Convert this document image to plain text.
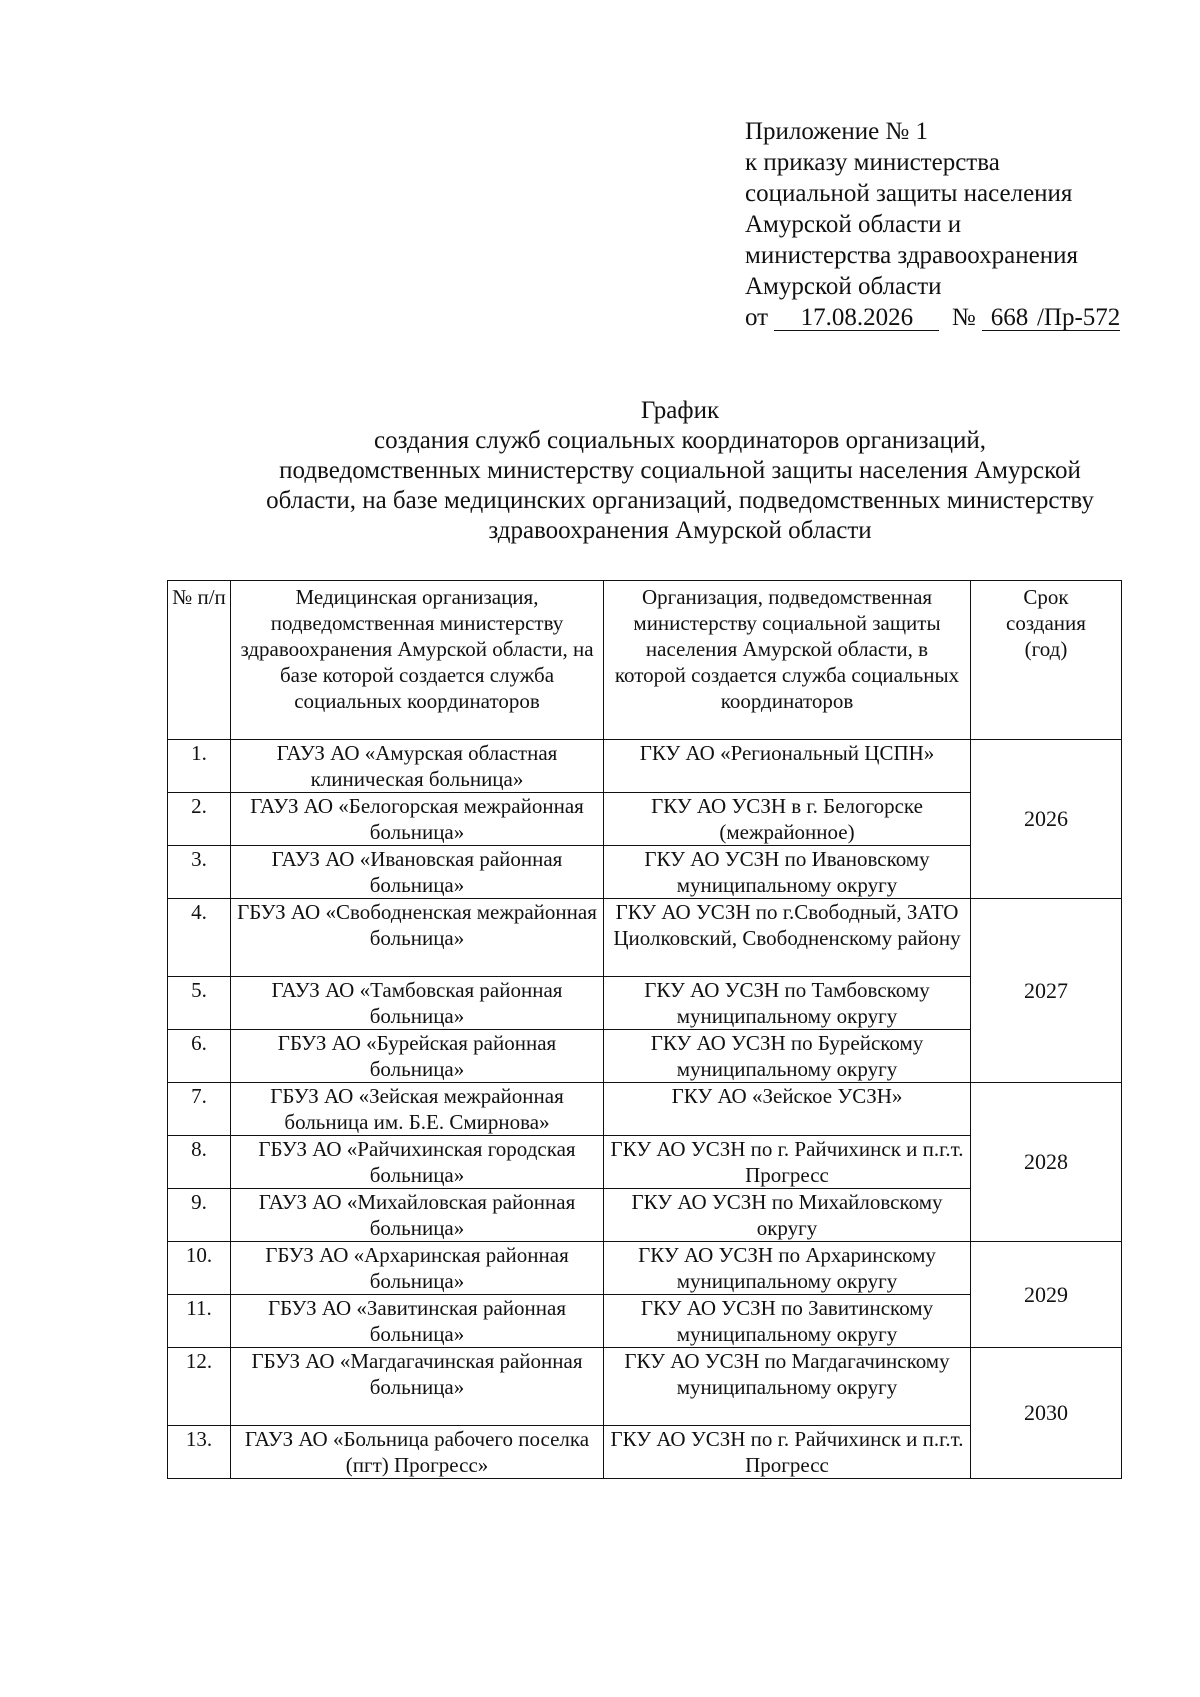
Приложение № 1
к приказу министерства
социальной защиты населения
Амурской области и
министерства здравоохранения
Амурской области
от 17.08.2026 № 668 /Пр-572
График
создания служб социальных координаторов организаций,
подведомственных министерству социальной защиты населения Амурской
области, на базе медицинских организаций, подведомственных министерству
здравоохранения Амурской области
№ п/п	Медицинская организация, подведомственная министерству здравоохранения Амурской области, на базе которой создается служба социальных координаторов	Организация, подведомственная министерству социальной защиты населения Амурской области, в которой создается служба социальных координаторов	Срок создания (год)
1.	ГАУЗ АО «Амурская областная клиническая больница»	ГКУ АО «Региональный ЦСПН»	2026
2.	ГАУЗ АО «Белогорская межрайонная больница»	ГКУ АО УСЗН в г. Белогорске (межрайонное)	
3.	ГАУЗ АО «Ивановская районная больница»	ГКУ АО УСЗН по Ивановскому муниципальному округу	
4.	ГБУЗ АО «Свободненская межрайонная больница»	ГКУ АО УСЗН по г.Свободный, ЗАТО Циолковский, Свободненскому району	2027
5.	ГАУЗ АО «Тамбовская районная больница»	ГКУ АО УСЗН по Тамбовскому муниципальному округу	
6.	ГБУЗ АО «Бурейская районная больница»	ГКУ АО УСЗН по Бурейскому муниципальному округу	
7.	ГБУЗ АО «Зейская межрайонная больница им. Б.Е. Смирнова»	ГКУ АО «Зейское УСЗН»	2028
8.	ГБУЗ АО «Райчихинская городская больница»	ГКУ АО УСЗН по г. Райчихинск и п.г.т. Прогресс	
9.	ГАУЗ АО «Михайловская районная больница»	ГКУ АО УСЗН по Михайловскому округу	
10.	ГБУЗ АО «Архаринская районная больница»	ГКУ АО УСЗН по Архаринскому муниципальному округу	2029
11.	ГБУЗ АО «Завитинская районная больница»	ГКУ АО УСЗН по Завитинскому муниципальному округу	
12.	ГБУЗ АО «Магдагачинская районная больница»	ГКУ АО УСЗН по Магдагачинскому муниципальному округу	2030
13.	ГАУЗ АО «Больница рабочего поселка (пгт) Прогресс»	ГКУ АО УСЗН по г. Райчихинск и п.г.т. Прогресс	
